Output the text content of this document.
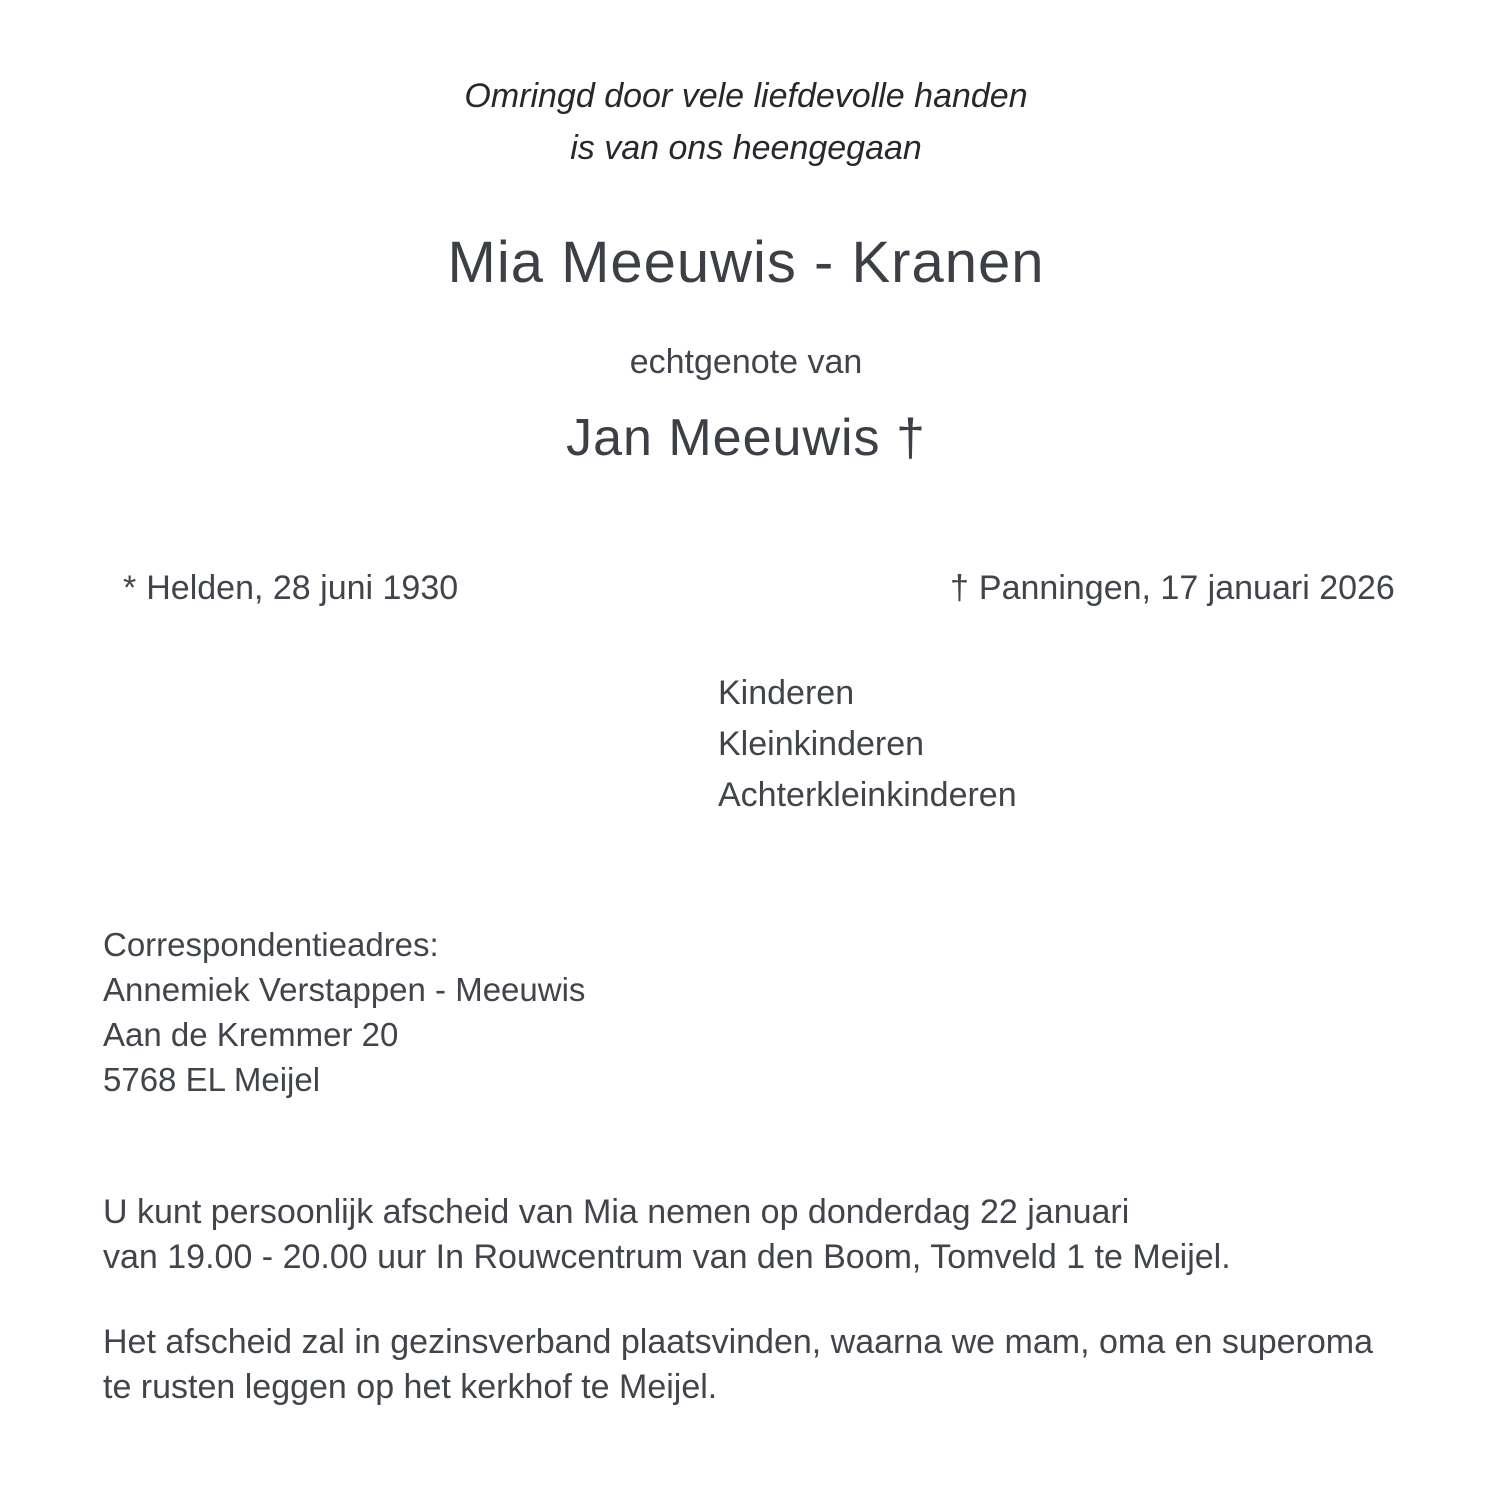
Omringd door vele liefdevolle handen
is van ons heengegaan
Mia Meeuwis - Kranen
echtgenote van
Jan Meeuwis †
* Helden, 28 juni 1930	† Panningen, 17 januari 2026
Kinderen
Kleinkinderen
Achterkleinkinderen
Correspondentieadres:
Annemiek Verstappen - Meeuwis
Aan de Kremmer 20
5768 EL Meijel
U kunt persoonlijk afscheid van Mia nemen op donderdag 22 januari
van 19.00 - 20.00 uur In Rouwcentrum van den Boom, Tomveld 1 te Meijel.
Het afscheid zal in gezinsverband plaatsvinden, waarna we mam, oma en superoma
te rusten leggen op het kerkhof te Meijel.
